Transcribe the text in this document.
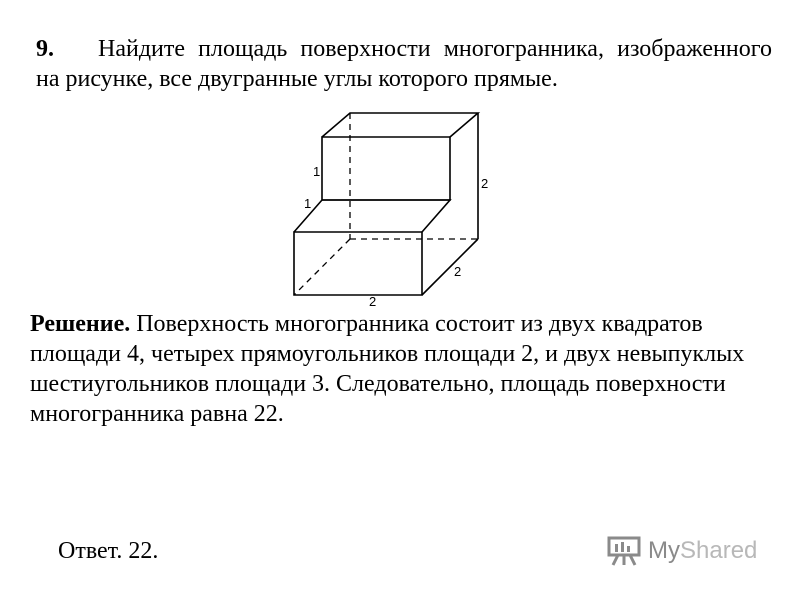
9. Найдите площадь поверхности многогранника, изображенного на рисунке, все двугранные углы которого прямые.
1
1
2
2
2
Решение. Поверхность многогранника состоит из двух квадратов площади 4, четырех прямоугольников площади 2, и двух невыпуклых шестиугольников площади 3. Следовательно, площадь поверхности многогранника равна 22.
Ответ. 22.	My Shared
